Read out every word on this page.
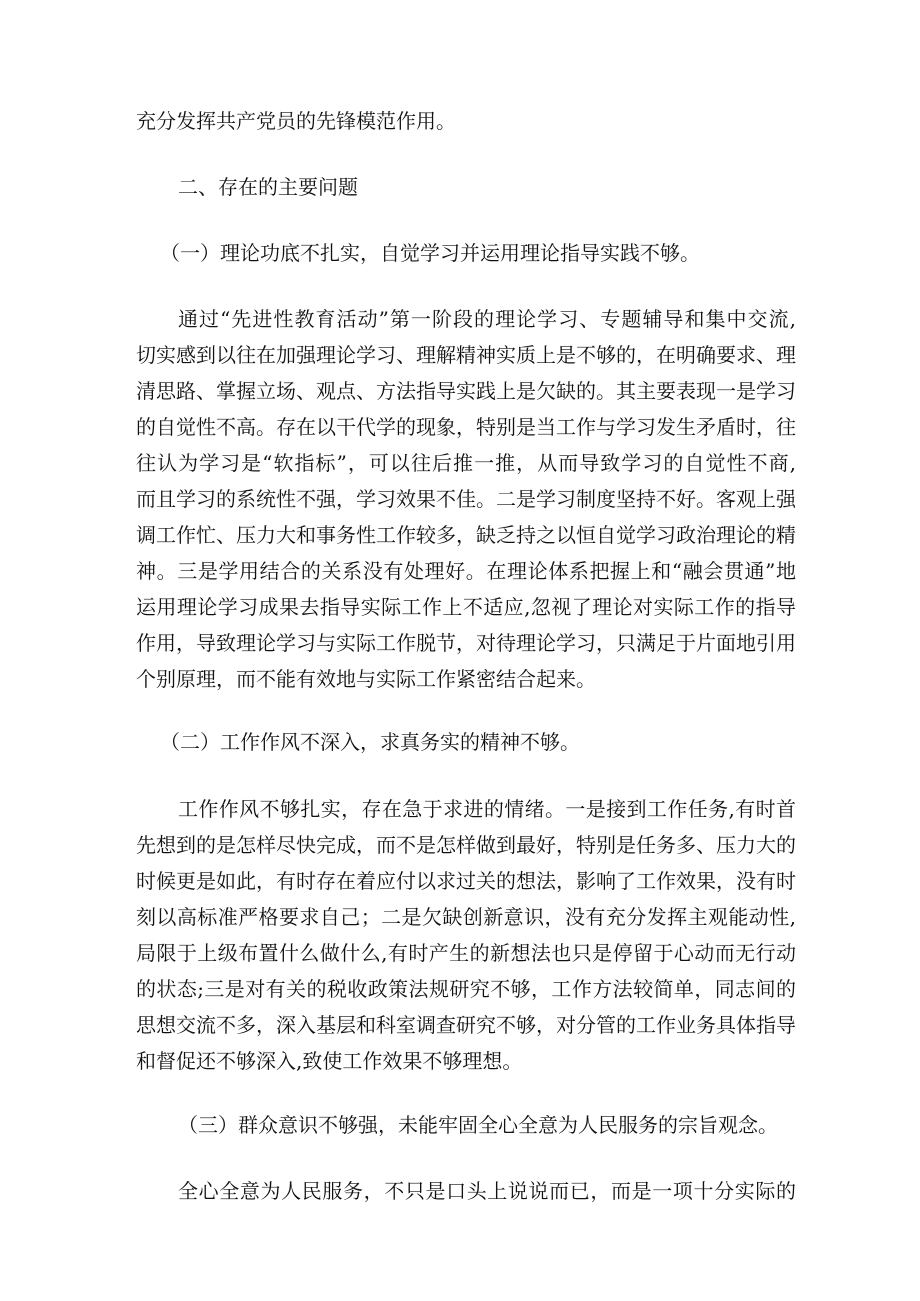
充分发挥共产党员的先锋模范作用。
二、存在的主要问题
（一）理论功底不扎实，自觉学习并运用理论指导实践不够。
通过“先进性教育活动”第一阶段的理论学习、专题辅导和集中交流,
切实感到以往在加强理论学习、理解精神实质上是不够的，在明确要求、理
清思路、掌握立场、观点、方法指导实践上是欠缺的。其主要表现一是学习
的自觉性不高。存在以干代学的现象，特别是当工作与学习发生矛盾时，往
往认为学习是“软指标”，可以往后推一推，从而导致学习的自觉性不商,
而且学习的系统性不强，学习效果不佳。二是学习制度坚持不好。客观上强
调工作忙、压力大和事务性工作较多，缺乏持之以恒自觉学习政治理论的精
神。三是学用结合的关系没有处理好。在理论体系把握上和“融会贯通”地
运用理论学习成果去指导实际工作上不适应,忽视了理论对实际工作的指导
作用，导致理论学习与实际工作脱节，对待理论学习，只满足于片面地引用
个别原理，而不能有效地与实际工作紧密结合起来。
（二）工作作风不深入，求真务实的精神不够。
工作作风不够扎实，存在急于求进的情绪。一是接到工作任务,有时首
先想到的是怎样尽快完成，而不是怎样做到最好，特别是任务多、压力大的
时候更是如此，有时存在着应付以求过关的想法，影响了工作效果，没有时
刻以高标准严格要求自己；二是欠缺创新意识，没有充分发挥主观能动性,
局限于上级布置什么做什么,有时产生的新想法也只是停留于心动而无行动
的状态;三是对有关的税收政策法规研究不够，工作方法较简单，同志间的
思想交流不多，深入基层和科室调查研究不够，对分管的工作业务具体指导
和督促还不够深入,致使工作效果不够理想。
（三）群众意识不够强，未能牢固全心全意为人民服务的宗旨观念。
全心全意为人民服务，不只是口头上说说而已，而是一项十分实际的
